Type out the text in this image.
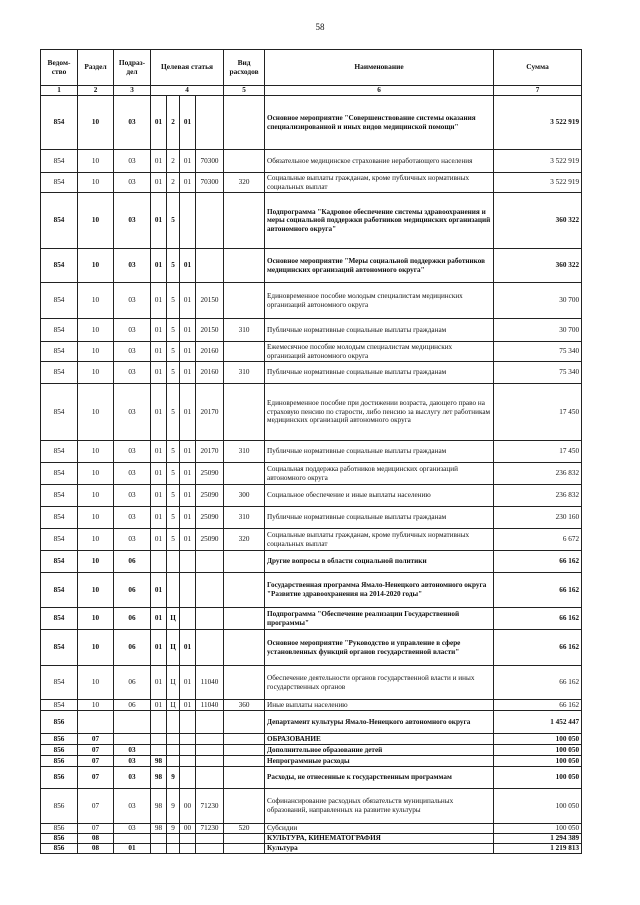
58
Ведом-ство	Раздел	Подраз-дел	Целевая статья				Вид расходов	Наименование	Сумма
1	2	3	4				5	6	7
854	10	03	01	2	01			Основное мероприятие "Совершенствование системы оказания специализированной и иных видов медицинской помощи"	3 522 919
854	10	03	01	2	01	70300		Обязательное медицинское страхование неработающего населения	3 522 919
854	10	03	01	2	01	70300	320	Социальные выплаты гражданам, кроме публичных нормативных социальных выплат	3 522 919
854	10	03	01	5				Подпрограмма "Кадровое обеспечение системы здравоохранения и меры социальной поддержки работников медицинских организаций автономного округа"	360 322
854	10	03	01	5	01			Основное мероприятие "Меры социальной поддержки работников медицинских организаций автономного округа"	360 322
854	10	03	01	5	01	20150		Единовременное пособие молодым специалистам медицинских организаций автономного округа	30 700
854	10	03	01	5	01	20150	310	Публичные нормативные социальные выплаты гражданам	30 700
854	10	03	01	5	01	20160		Ежемесячное пособие молодым специалистам медицинских организаций автономного округа	75 340
854	10	03	01	5	01	20160	310	Публичные нормативные социальные выплаты гражданам	75 340
854	10	03	01	5	01	20170		Единовременное пособие при достижении возраста, дающего право на страховую пенсию по старости, либо пенсию за выслугу лет работникам медицинских организаций автономного округа	17 450
854	10	03	01	5	01	20170	310	Публичные нормативные социальные выплаты гражданам	17 450
854	10	03	01	5	01	25090		Социальная поддержка работников медицинских организаций автономного округа	236 832
854	10	03	01	5	01	25090	300	Социальное обеспечение и иные выплаты населению	236 832
854	10	03	01	5	01	25090	310	Публичные нормативные социальные выплаты гражданам	230 160
854	10	03	01	5	01	25090	320	Социальные выплаты гражданам, кроме публичных нормативных социальных выплат	6 672
854	10	06						Другие вопросы в области социальной политики	66 162
854	10	06	01					Государственная программа Ямало-Ненецкого автономного округа "Развитие здравоохранения на 2014-2020 годы"	66 162
854	10	06	01	Ц				Подпрограмма "Обеспечение реализации Государственной программы"	66 162
854	10	06	01	Ц	01			Основное мероприятие "Руководство и управление в сфере установленных функций органов государственной власти"	66 162
854	10	06	01	Ц	01	11040		Обеспечение деятельности органов государственной власти и иных государственных органов	66 162
854	10	06	01	Ц	01	11040	360	Иные выплаты населению	66 162
856								Департамент культуры Ямало-Ненецкого автономного округа	1 452 447
856	07							ОБРАЗОВАНИЕ	100 050
856	07	03						Дополнительное образование детей	100 050
856	07	03	98					Непрограммные расходы	100 050
856	07	03	98	9				Расходы, не отнесенные к государственным программам	100 050
856	07	03	98	9	00	71230		Софинансирование расходных обязательств муниципальных образований, направленных на развитие культуры	100 050
856	07	03	98	9	00	71230	520	Субсидии	100 050
856	08							КУЛЬТУРА, КИНЕМАТОГРАФИЯ	1 294 389
856	08	01						Культура	1 219 813
